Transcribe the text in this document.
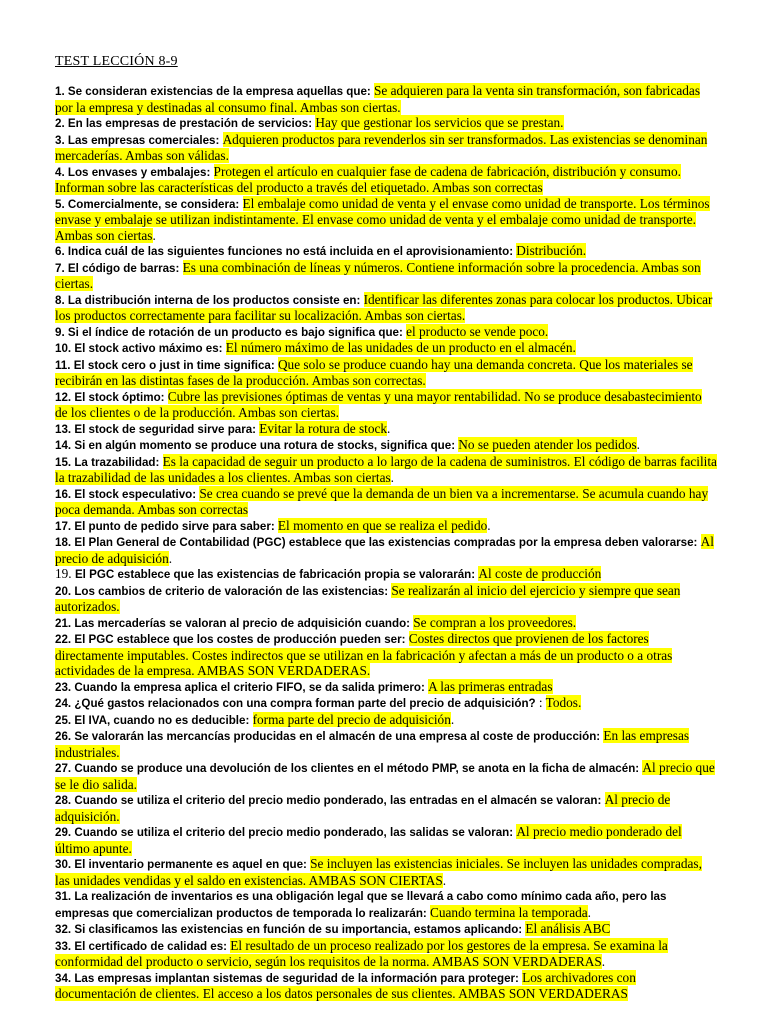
TEST LECCIÓN 8-9

1. Se consideran existencias de la empresa aquellas que: Se adquieren para la venta sin transformación, son fabricadas por la empresa y destinadas al consumo final. Ambas son ciertas.

2. En las empresas de prestación de servicios: Hay que gestionar los servicios que se prestan.

3. Las empresas comerciales: Adquieren productos para revenderlos sin ser transformados. Las existencias se denominan mercaderías. Ambas son válidas.

4. Los envases y embalajes: Protegen el artículo en cualquier fase de cadena de fabricación, distribución y consumo. Informan sobre las características del producto a través del etiquetado. Ambas son correctas

5. Comercialmente, se considera: El embalaje como unidad de venta y el envase como unidad de transporte. Los términos envase y embalaje se utilizan indistintamente. El envase como unidad de venta y el embalaje como unidad de transporte. Ambas son ciertas.

6. Indica cuál de las siguientes funciones no está incluida en el aprovisionamiento: Distribución.

7. El código de barras: Es una combinación de líneas y números. Contiene información sobre la procedencia. Ambas son ciertas.

8. La distribución interna de los productos consiste en: Identificar las diferentes zonas para colocar los productos. Ubicar los productos correctamente para facilitar su localización. Ambas son ciertas.

9. Si el índice de rotación de un producto es bajo significa que: el producto se vende poco.

10. El stock activo máximo es: El número máximo de las unidades de un producto en el almacén.

11. El stock cero o just in time significa: Que solo se produce cuando hay una demanda concreta. Que los materiales se recibirán en las distintas fases de la producción. Ambas son correctas.

12. El stock óptimo: Cubre las previsiones óptimas de ventas y una mayor rentabilidad. No se produce desabastecimiento de los clientes o de la producción. Ambas son ciertas.

13. El stock de seguridad sirve para: Evitar la rotura de stock.

14. Si en algún momento se produce una rotura de stocks, significa que: No se pueden atender los pedidos.

15. La trazabilidad: Es la capacidad de seguir un producto a lo largo de la cadena de suministros. El código de barras facilita la trazabilidad de las unidades a los clientes. Ambas son ciertas.

16. El stock especulativo: Se crea cuando se prevé que la demanda de un bien va a incrementarse. Se acumula cuando hay poca demanda. Ambas son correctas

17. El punto de pedido sirve para saber: El momento en que se realiza el pedido.

18. El Plan General de Contabilidad (PGC) establece que las existencias compradas por la empresa deben valorarse: Al precio de adquisición.

19. El PGC establece que las existencias de fabricación propia se valorarán: Al coste de producción

20. Los cambios de criterio de valoración de las existencias: Se realizarán al inicio del ejercicio y siempre que sean autorizados.

21. Las mercaderías se valoran al precio de adquisición cuando: Se compran a los proveedores.

22. El PGC establece que los costes de producción pueden ser: Costes directos que provienen de los factores directamente imputables. Costes indirectos que se utilizan en la fabricación y afectan a más de un producto o a otras actividades de la empresa. AMBAS SON VERDADERAS.

23. Cuando la empresa aplica el criterio FIFO, se da salida primero: A las primeras entradas

24. ¿Qué gastos relacionados con una compra forman parte del precio de adquisición? : Todos.

25. El IVA, cuando no es deducible: forma parte del precio de adquisición.

26. Se valorarán las mercancías producidas en el almacén de una empresa al coste de producción: En las empresas industriales.

27. Cuando se produce una devolución de los clientes en el método PMP, se anota en la ficha de almacén: Al precio que se le dio salida.

28. Cuando se utiliza el criterio del precio medio ponderado, las entradas en el almacén se valoran: Al precio de adquisición.

29. Cuando se utiliza el criterio del precio medio ponderado, las salidas se valoran: Al precio medio ponderado del último apunte.

30. El inventario permanente es aquel en que: Se incluyen las existencias iniciales. Se incluyen las unidades compradas, las unidades vendidas y el saldo en existencias. AMBAS SON CIERTAS.

31. La realización de inventarios es una obligación legal que se llevará a cabo como mínimo cada año, pero las empresas que comercializan productos de temporada lo realizarán: Cuando termina la temporada.

32. Si clasificamos las existencias en función de su importancia, estamos aplicando: El análisis ABC

33. El certificado de calidad es: El resultado de un proceso realizado por los gestores de la empresa. Se examina la conformidad del producto o servicio, según los requisitos de la norma. AMBAS SON VERDADERAS.

34. Las empresas implantan sistemas de seguridad de la información para proteger: Los archivadores con documentación de clientes. El acceso a los datos personales de sus clientes. AMBAS SON VERDADERAS
